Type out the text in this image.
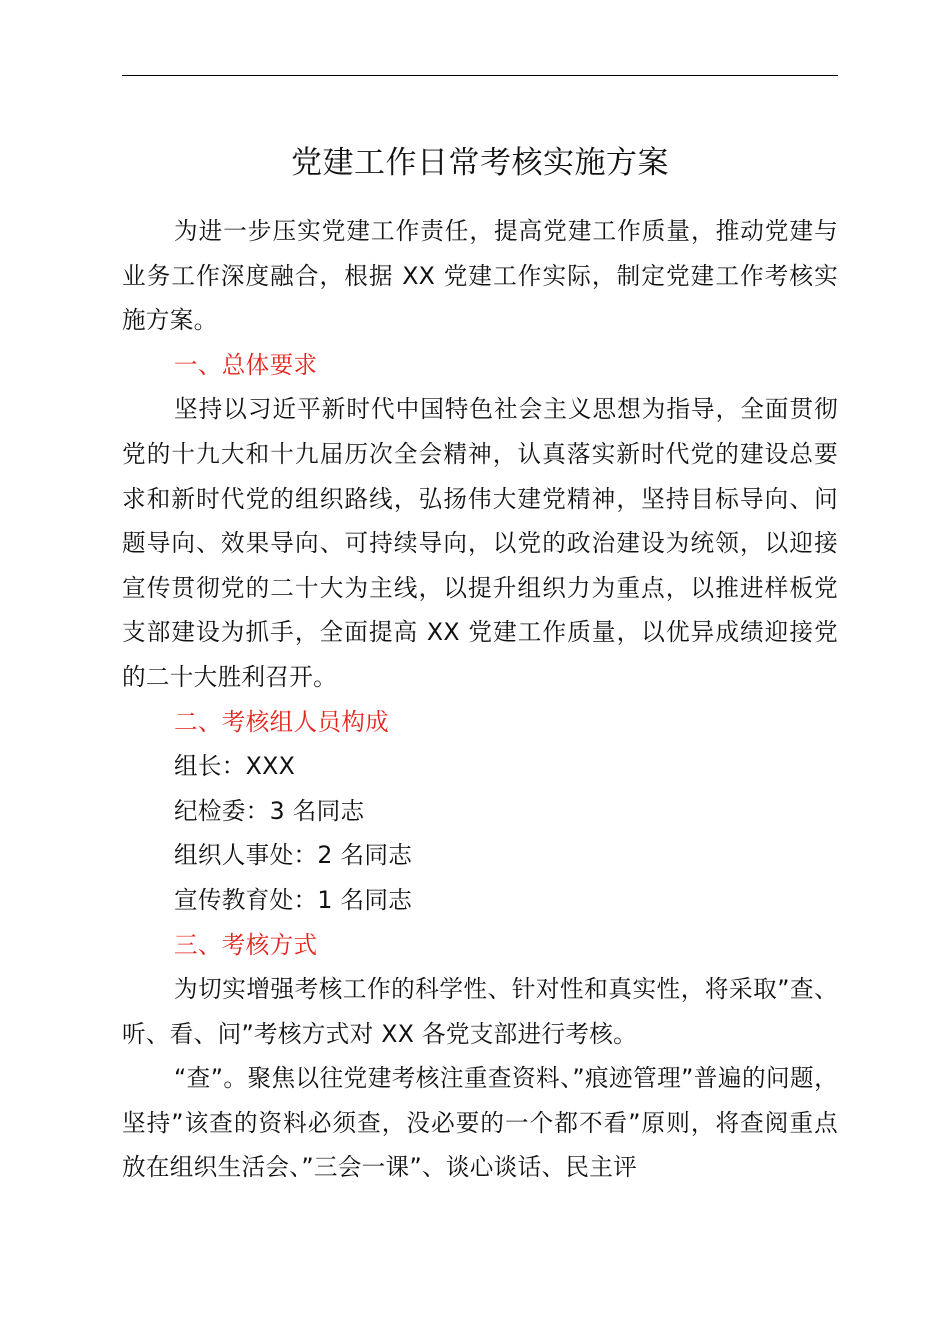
党建工作日常考核实施方案

为进一步压实党建工作责任，提高党建工作质量，推动党建与业务工作深度融合，根据 XX 党建工作实际，制定党建工作考核实施方案。

一、总体要求

坚持以习近平新时代中国特色社会主义思想为指导，全面贯彻党的十九大和十九届历次全会精神，认真落实新时代党的建设总要求和新时代党的组织路线，弘扬伟大建党精神，坚持目标导向、问题导向、效果导向、可持续导向，以党的政治建设为统领，以迎接宣传贯彻党的二十大为主线，以提升组织力为重点，以推进样板党支部建设为抓手，全面提高 XX 党建工作质量，以优异成绩迎接党的二十大胜利召开。

二、考核组人员构成

组长：XXX

纪检委：3 名同志

组织人事处：2 名同志

宣传教育处：1 名同志

三、考核方式

为切实增强考核工作的科学性、针对性和真实性，将采取”查、听、看、问”考核方式对 XX 各党支部进行考核。

“查”。聚焦以往党建考核注重查资料、”痕迹管理”普遍的问题，坚持”该查的资料必须查，没必要的一个都不看”原则，将查阅重点放在组织生活会、”三会一课”、谈心谈话、民主评
